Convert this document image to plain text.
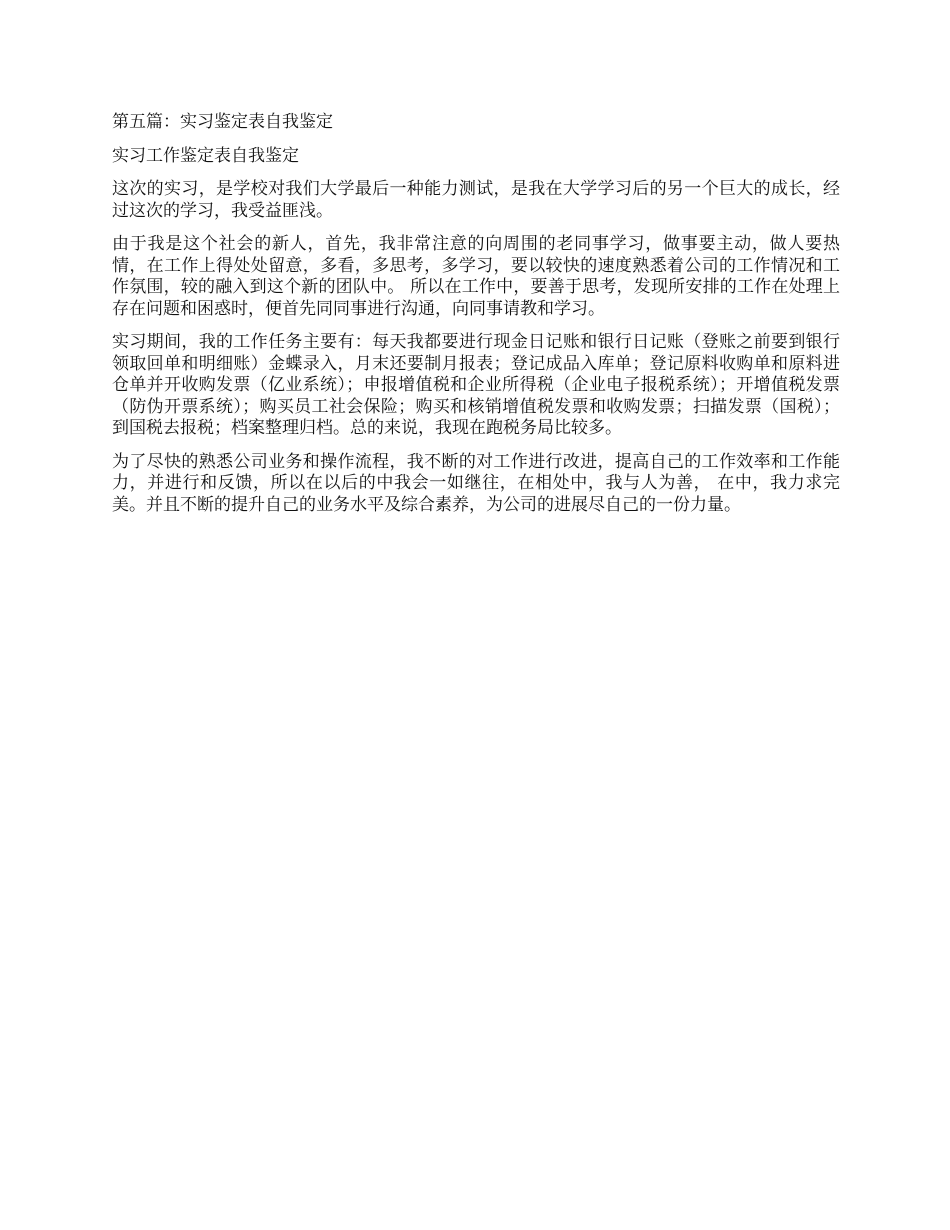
第五篇：实习鉴定表自我鉴定
实习工作鉴定表自我鉴定

这次的实习，是学校对我们大学最后一种能力测试，是我在大学学习后的另一个巨大的成长，经过这次的学习，我受益匪浅。

由于我是这个社会的新人，首先，我非常注意的向周围的老同事学习，做事要主动，做人要热情，在工作上得处处留意，多看，多思考，多学习，要以较快的速度熟悉着公司的工作情况和工作氛围，较的融入到这个新的团队中。 所以在工作中，要善于思考，发现所安排的工作在处理上存在问题和困惑时，便首先同同事进行沟通，向同事请教和学习。

实习期间，我的工作任务主要有：每天我都要进行现金日记账和银行日记账（登账之前要到银行领取回单和明细账）金蝶录入，月末还要制月报表；登记成品入库单；登记原料收购单和原料进仓单并开收购发票（亿业系统）；申报增值税和企业所得税（企业电子报税系统）；开增值税发票（防伪开票系统）；购买员工社会保险；购买和核销增值税发票和收购发票；扫描发票（国税）；到国税去报税；档案整理归档。总的来说，我现在跑税务局比较多。

为了尽快的熟悉公司业务和操作流程，我不断的对工作进行改进，提高自己的工作效率和工作能力，并进行和反馈，所以在以后的中我会一如继往，在相处中，我与人为善， 在中，我力求完美。并且不断的提升自己的业务水平及综合素养，为公司的进展尽自己的一份力量。
